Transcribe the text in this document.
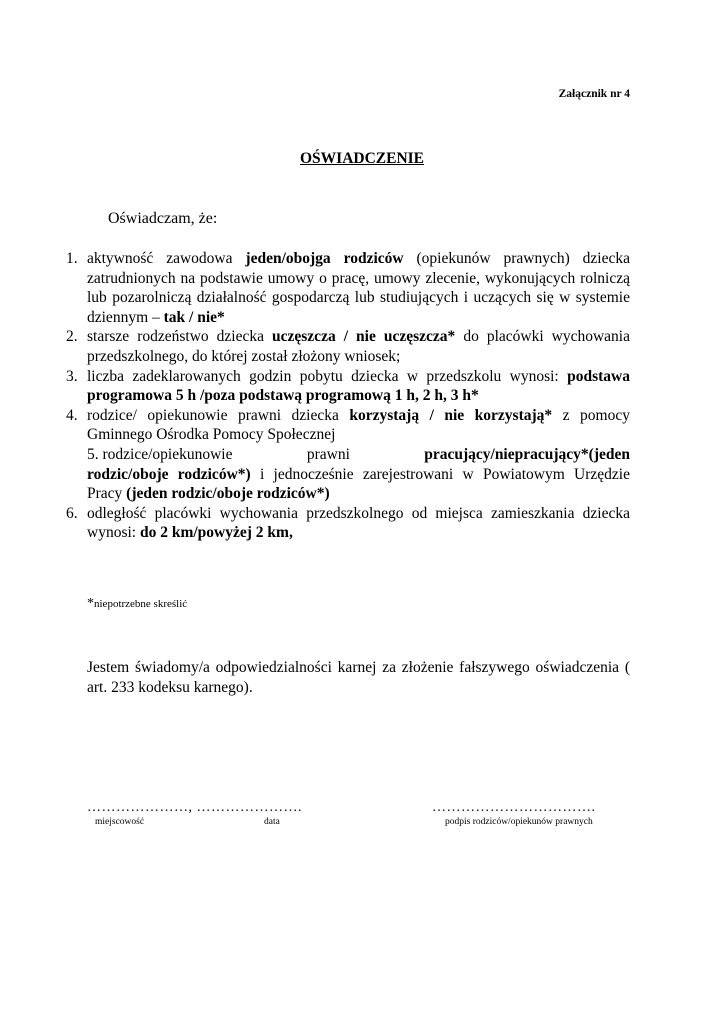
Załącznik nr 4
OŚWIADCZENIE
Oświadczam, że:
1. aktywność zawodowa jeden/obojga rodziców (opiekunów prawnych) dziecka zatrudnionych na podstawie umowy o pracę, umowy zlecenie, wykonujących rolniczą lub pozarolniczą działalność gospodarczą lub studiujących i uczących się w systemie dziennym – tak / nie*
2. starsze rodzeństwo dziecka uczęszcza / nie uczęszcza* do placówki wychowania przedszkolnego, do której został złożony wniosek;
3. liczba zadeklarowanych godzin pobytu dziecka w przedszkolu wynosi: podstawa programowa 5 h /poza podstawą programową 1 h, 2 h, 3 h*
4. rodzice/ opiekunowie prawni dziecka korzystają / nie korzystają* z pomocy Gminnego Ośrodka Pomocy Społecznej
5. rodzice/opiekunowie	prawni	pracujący/niepracujący*(jeden
rodzic/oboje rodziców*) i jednocześnie zarejestrowani w Powiatowym Urzędzie Pracy (jeden rodzic/oboje rodziców*)
6. odległość placówki wychowania przedszkolnego od miejsca zamieszkania dziecka wynosi: do 2 km/powyżej 2 km,
*niepotrzebne skreślić
Jestem świadomy/a odpowiedzialności karnej za złożenie fałszywego oświadczenia ( art. 233 kodeksu karnego).
…………………, ………………….	…………………………….
miejscowość	data	podpis rodziców/opiekunów prawnych
